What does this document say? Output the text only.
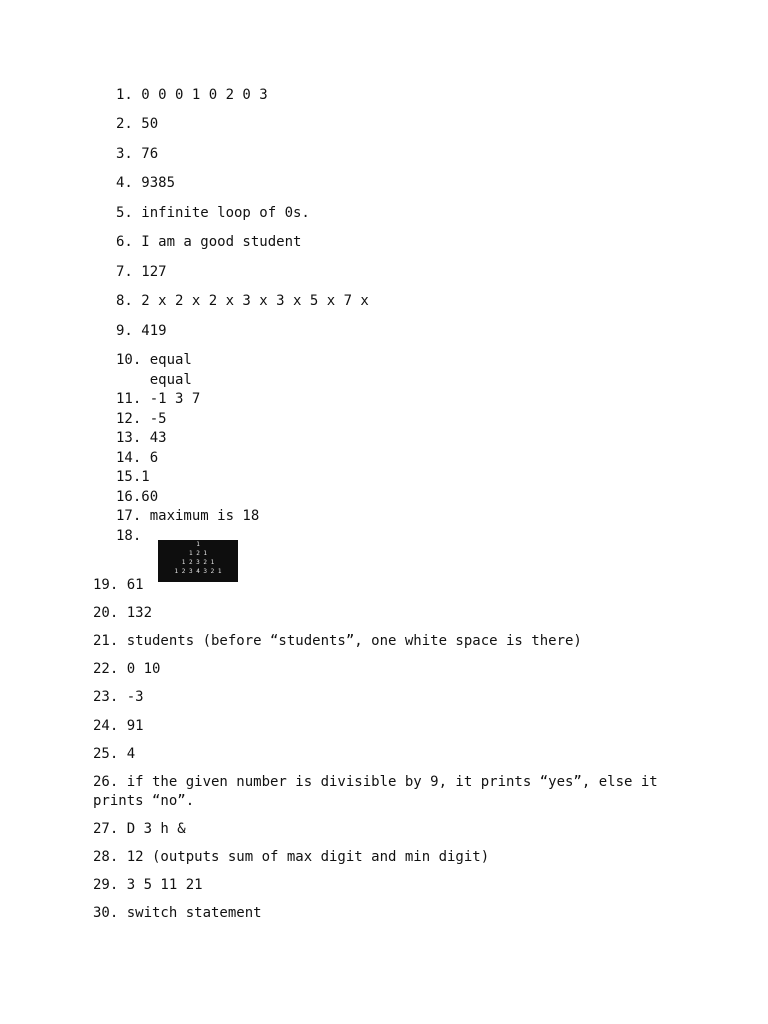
1. 0 0 0 1 0 2 0 3
2. 50
3. 76
4. 9385
5. infinite loop of 0s.
6. I am a good student
7. 127
8. 2 x 2 x 2 x 3 x 3 x 5 x 7 x
9. 419
10. equal
equal
11. -1 3 7
12. -5
13. 43
14. 6
15.1
16.60
17. maximum is 18
18.
1
1 2 1
1 2 3 2 1
1 2 3 4 3 2 1
19. 61
20. 132
21. students (before “students”, one white space is there)
22. 0 10
23. -3
24. 91
25. 4
26. if the given number is divisible by 9, it prints “yes”, else it
prints “no”.
27. D 3 h &
28. 12 (outputs sum of max digit and min digit)
29. 3 5 11 21
30. switch statement
